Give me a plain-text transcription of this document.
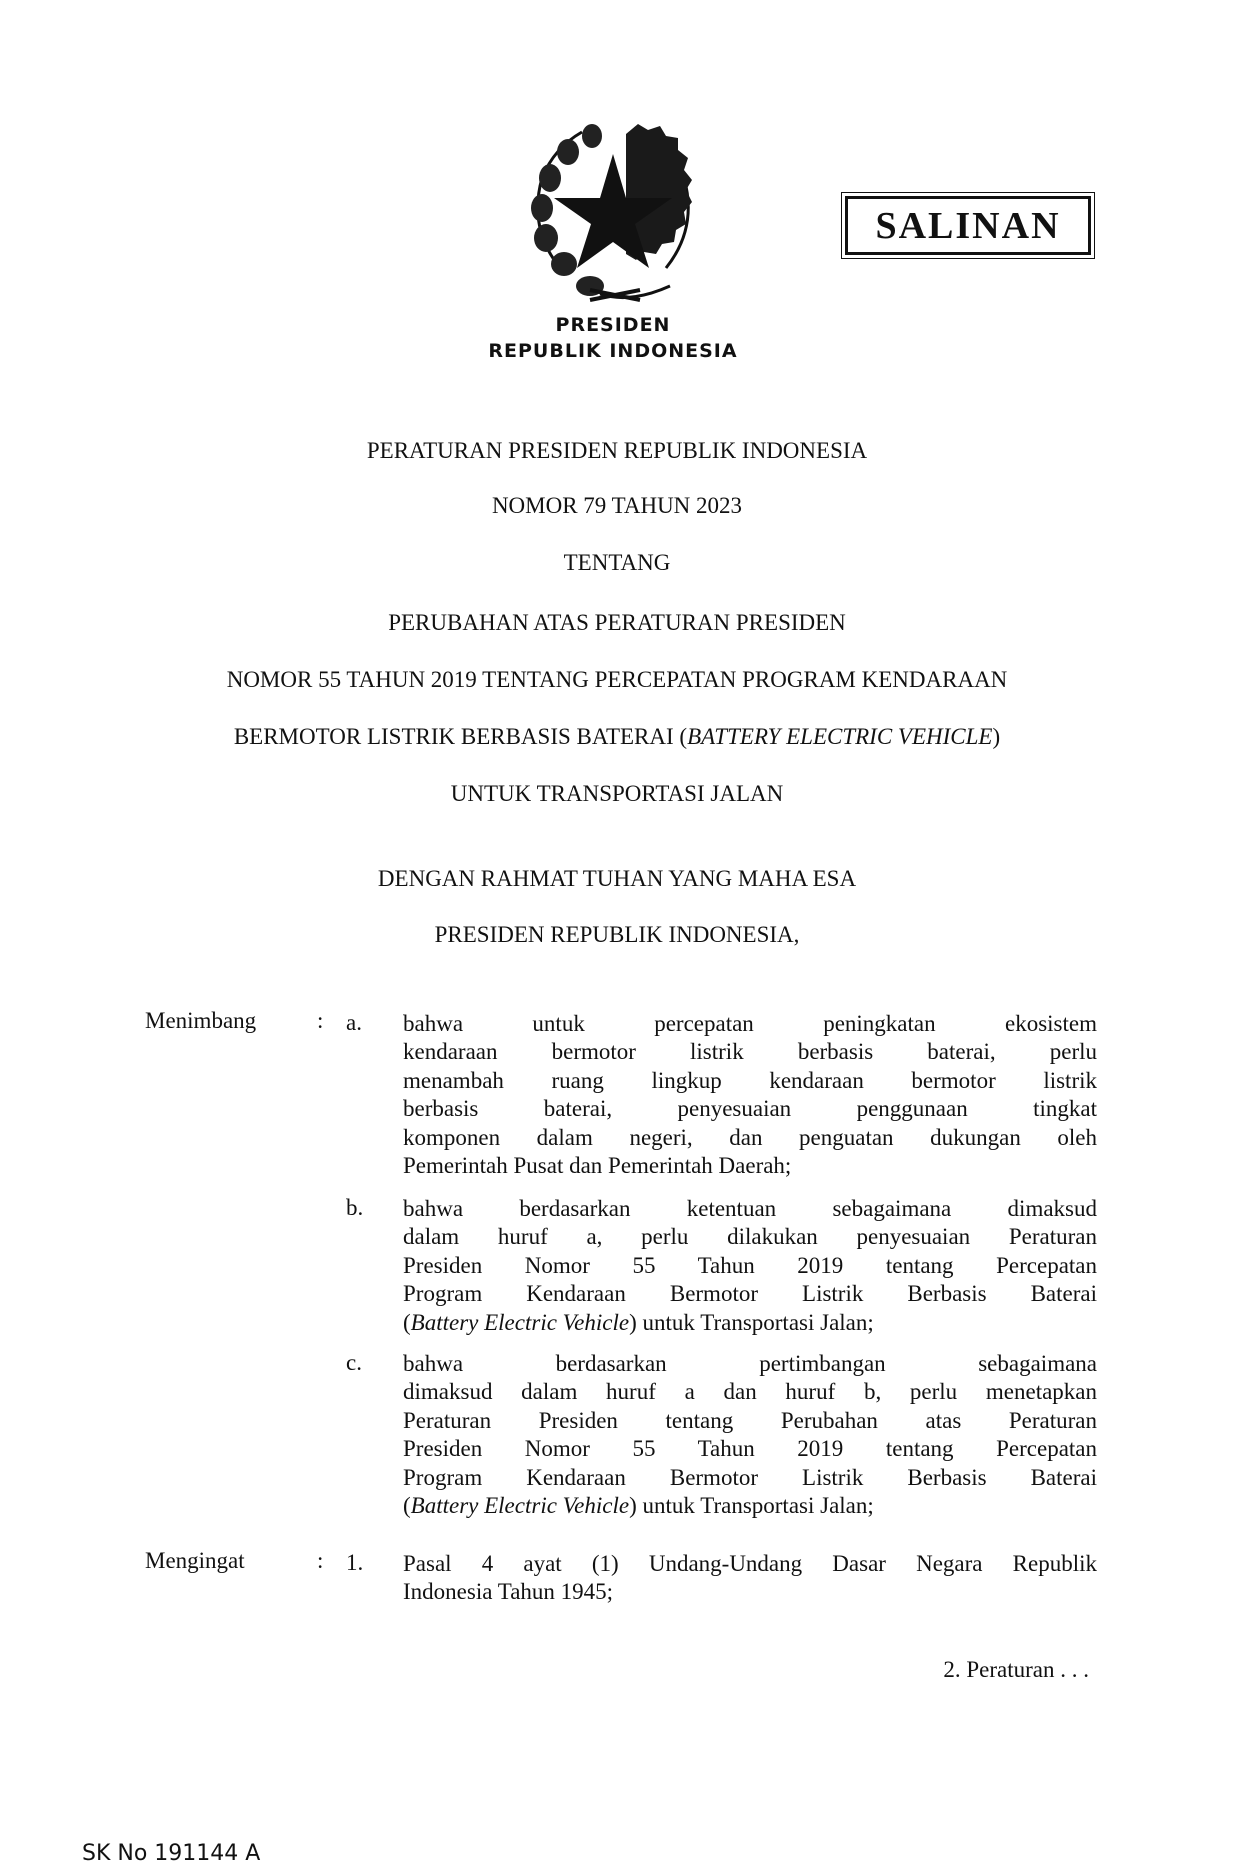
PRESIDEN
REPUBLIK INDONESIA
SALINAN
PERATURAN PRESIDEN REPUBLIK INDONESIA
NOMOR 79 TAHUN 2023
TENTANG
PERUBAHAN ATAS PERATURAN PRESIDEN
NOMOR 55 TAHUN 2019 TENTANG PERCEPATAN PROGRAM KENDARAAN
BERMOTOR LISTRIK BERBASIS BATERAI (BATTERY ELECTRIC VEHICLE)
UNTUK TRANSPORTASI JALAN
DENGAN RAHMAT TUHAN YANG MAHA ESA
PRESIDEN REPUBLIK INDONESIA,
Menimbang	: a. bahwa untuk percepatan peningkatan ekosistem
kendaraan bermotor listrik berbasis baterai, perlu
menambah ruang lingkup kendaraan bermotor listrik
berbasis baterai, penyesuaian penggunaan tingkat
komponen dalam negeri, dan penguatan dukungan oleh
Pemerintah Pusat dan Pemerintah Daerah;
b. bahwa berdasarkan ketentuan sebagaimana dimaksud
dalam huruf a, perlu dilakukan penyesuaian Peraturan
Presiden Nomor 55 Tahun 2019 tentang Percepatan
Program Kendaraan Bermotor Listrik Berbasis Baterai
(Battery Electric Vehicle) untuk Transportasi Jalan;
c. bahwa berdasarkan pertimbangan sebagaimana
dimaksud dalam huruf a dan huruf b, perlu menetapkan
Peraturan Presiden tentang Perubahan atas Peraturan
Presiden Nomor 55 Tahun 2019 tentang Percepatan
Program Kendaraan Bermotor Listrik Berbasis Baterai
(Battery Electric Vehicle) untuk Transportasi Jalan;
Mengingat	: 1. Pasal 4 ayat (1) Undang-Undang Dasar Negara Republik
Indonesia Tahun 1945;
2. Peraturan . . .
SK No 191144 A
